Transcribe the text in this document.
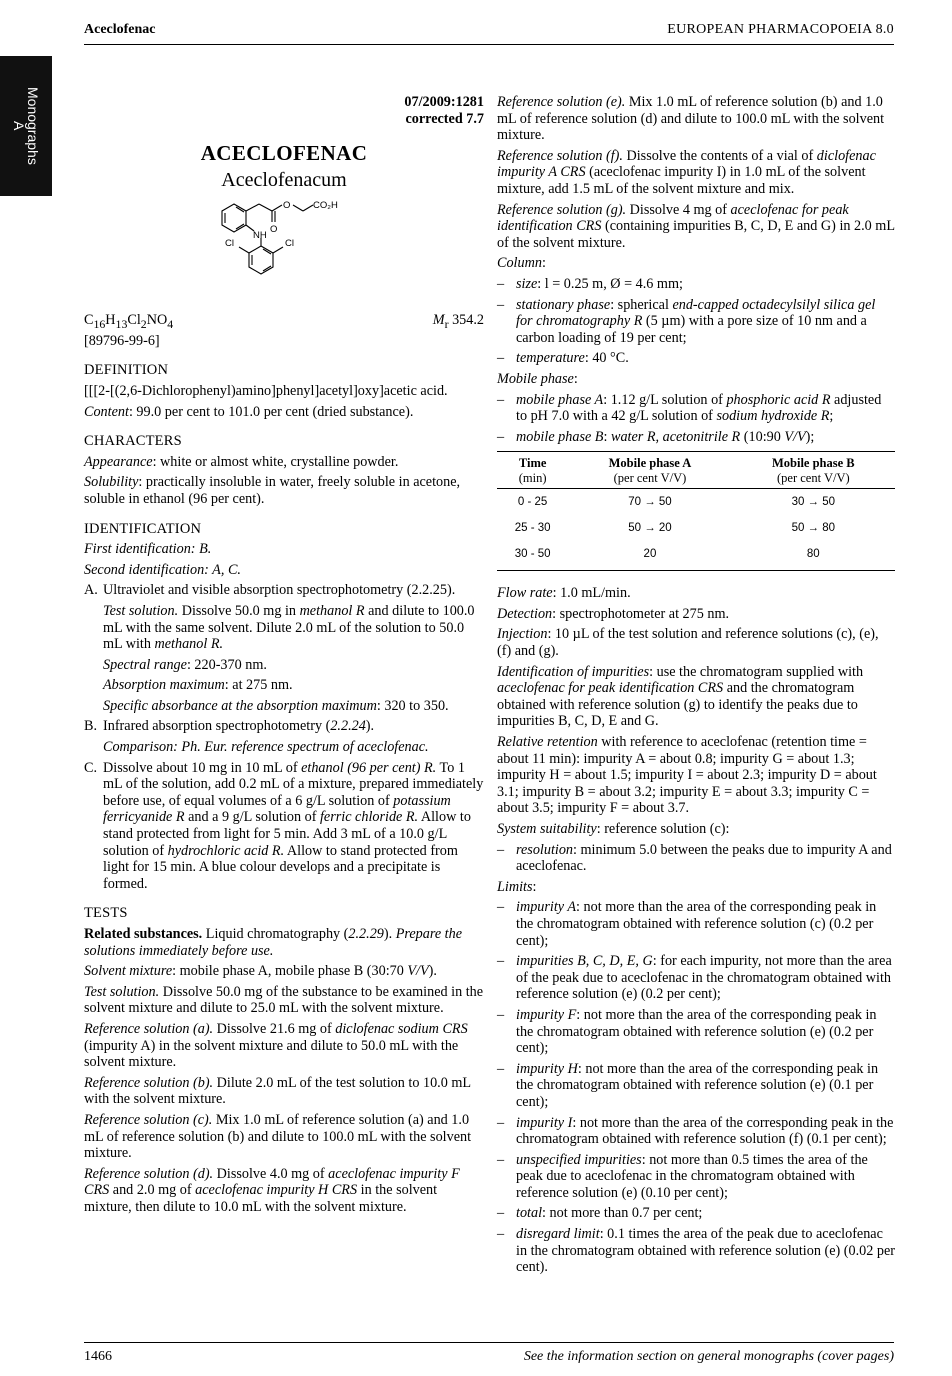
Aceclofenac	EUROPEAN PHARMACOPOEIA 8.0
Monographs
A

07/2009:1281
corrected 7.7

ACECLOFENAC
Aceclofenacum
O CO₂H
NH
O
Cl	Cl
$C_{16}H_{13}Cl_2NO_4$	$M_r$ 354.2

[89796-99-6]

DEFINITION

[[[2-[(2,6-Dichlorophenyl)amino]phenyl]acetyl]oxy]acetic acid.

Content: 99.0 per cent to 101.0 per cent (dried substance).

CHARACTERS

Appearance: white or almost white, crystalline powder.

Solubility: practically insoluble in water, freely soluble in acetone, soluble in ethanol (96 per cent).

IDENTIFICATION

First identification: B.

Second identification: A, C.

A. Ultraviolet and visible absorption spectrophotometry (2.2.25).

Test solution. Dissolve 50.0 mg in methanol R and dilute to 100.0 mL with the same solvent. Dilute 2.0 mL of the solution to 50.0 mL with methanol R.

Spectral range: 220-370 nm.

Absorption maximum: at 275 nm.

Specific absorbance at the absorption maximum: 320 to 350.

B. Infrared absorption spectrophotometry (2.2.24).

Comparison: Ph. Eur. reference spectrum of aceclofenac.

C. Dissolve about 10 mg in 10 mL of ethanol (96 per cent) R. To 1 mL of the solution, add 0.2 mL of a mixture, prepared immediately before use, of equal volumes of a 6 g/L solution of potassium ferricyanide R and a 9 g/L solution of ferric chloride R. Allow to stand protected from light for 5 min. Add 3 mL of a 10.0 g/L solution of hydrochloric acid R. Allow to stand protected from light for 15 min. A blue colour develops and a precipitate is formed.
TESTS

Related substances. Liquid chromatography (2.2.29). Prepare the solutions immediately before use.

Solvent mixture: mobile phase A, mobile phase B (30:70 V/V).

Test solution. Dissolve 50.0 mg of the substance to be examined in the solvent mixture and dilute to 25.0 mL with the solvent mixture.

Reference solution (a). Dissolve 21.6 mg of diclofenac sodium CRS (impurity A) in the solvent mixture and dilute to 50.0 mL with the solvent mixture.

Reference solution (b). Dilute 2.0 mL of the test solution to 10.0 mL with the solvent mixture.

Reference solution (c). Mix 1.0 mL of reference solution (a) and 1.0 mL of reference solution (b) and dilute to 100.0 mL with the solvent mixture.

Reference solution (d). Dissolve 4.0 mg of aceclofenac impurity F CRS and 2.0 mg of aceclofenac impurity H CRS in the solvent mixture, then dilute to 10.0 mL with the solvent mixture.

Reference solution (e). Mix 1.0 mL of reference solution (b) and 1.0 mL of reference solution (d) and dilute to 100.0 mL with the solvent mixture.

Reference solution (f). Dissolve the contents of a vial of diclofenac impurity A CRS (aceclofenac impurity I) in 1.0 mL of the solvent mixture, add 1.5 mL of the solvent mixture and mix.

Reference solution (g). Dissolve 4 mg of aceclofenac for peak identification CRS (containing impurities B, C, D, E and G) in 2.0 mL of the solvent mixture.

Column:

– size: l = 0.25 m, Ø = 4.6 mm;
– stationary phase: spherical end-capped octadecylsilyl silica gel for chromatography R (5 µm) with a pore size of 10 nm and a carbon loading of 19 per cent;
– temperature: 40 °C.

Mobile phase:

– mobile phase A: 1.12 g/L solution of phosphoric acid R adjusted to pH 7.0 with a 42 g/L solution of sodium hydroxide R;
– mobile phase B: water R, acetonitrile R (10:90 V/V);
Time	Mobile phase A	Mobile phase B
(min)	(per cent V/V)	(per cent V/V)
0 - 25	70 → 50	30 → 50
25 - 30	50 → 20	50 → 80
30 - 50	20	80

Flow rate: 1.0 mL/min.

Detection: spectrophotometer at 275 nm.

Injection: 10 µL of the test solution and reference solutions (c), (e), (f) and (g).

Identification of impurities: use the chromatogram supplied with aceclofenac for peak identification CRS and the chromatogram obtained with reference solution (g) to identify the peaks due to impurities B, C, D, E and G.

Relative retention with reference to aceclofenac (retention time = about 11 min): impurity A = about 0.8; impurity G = about 1.3; impurity H = about 1.5; impurity I = about 2.3; impurity D = about 3.1; impurity B = about 3.2; impurity E = about 3.3; impurity C = about 3.5; impurity F = about 3.7.

System suitability: reference solution (c):

– resolution: minimum 5.0 between the peaks due to impurity A and aceclofenac.

Limits:

– impurity A: not more than the area of the corresponding peak in the chromatogram obtained with reference solution (c) (0.2 per cent);
– impurities B, C, D, E, G: for each impurity, not more than the area of the peak due to aceclofenac in the chromatogram obtained with reference solution (e) (0.2 per cent);
– impurity F: not more than the area of the corresponding peak in the chromatogram obtained with reference solution (e) (0.2 per cent);
– impurity H: not more than the area of the corresponding peak in the chromatogram obtained with reference solution (e) (0.1 per cent);
– impurity I: not more than the area of the corresponding peak in the chromatogram obtained with reference solution (f) (0.1 per cent);
– unspecified impurities: not more than 0.5 times the area of the peak due to aceclofenac in the chromatogram obtained with reference solution (e) (0.10 per cent);
– total: not more than 0.7 per cent;
– disregard limit: 0.1 times the area of the peak due to aceclofenac in the chromatogram obtained with reference solution (e) (0.02 per cent).
1466	See the information section on general monographs (cover pages)
